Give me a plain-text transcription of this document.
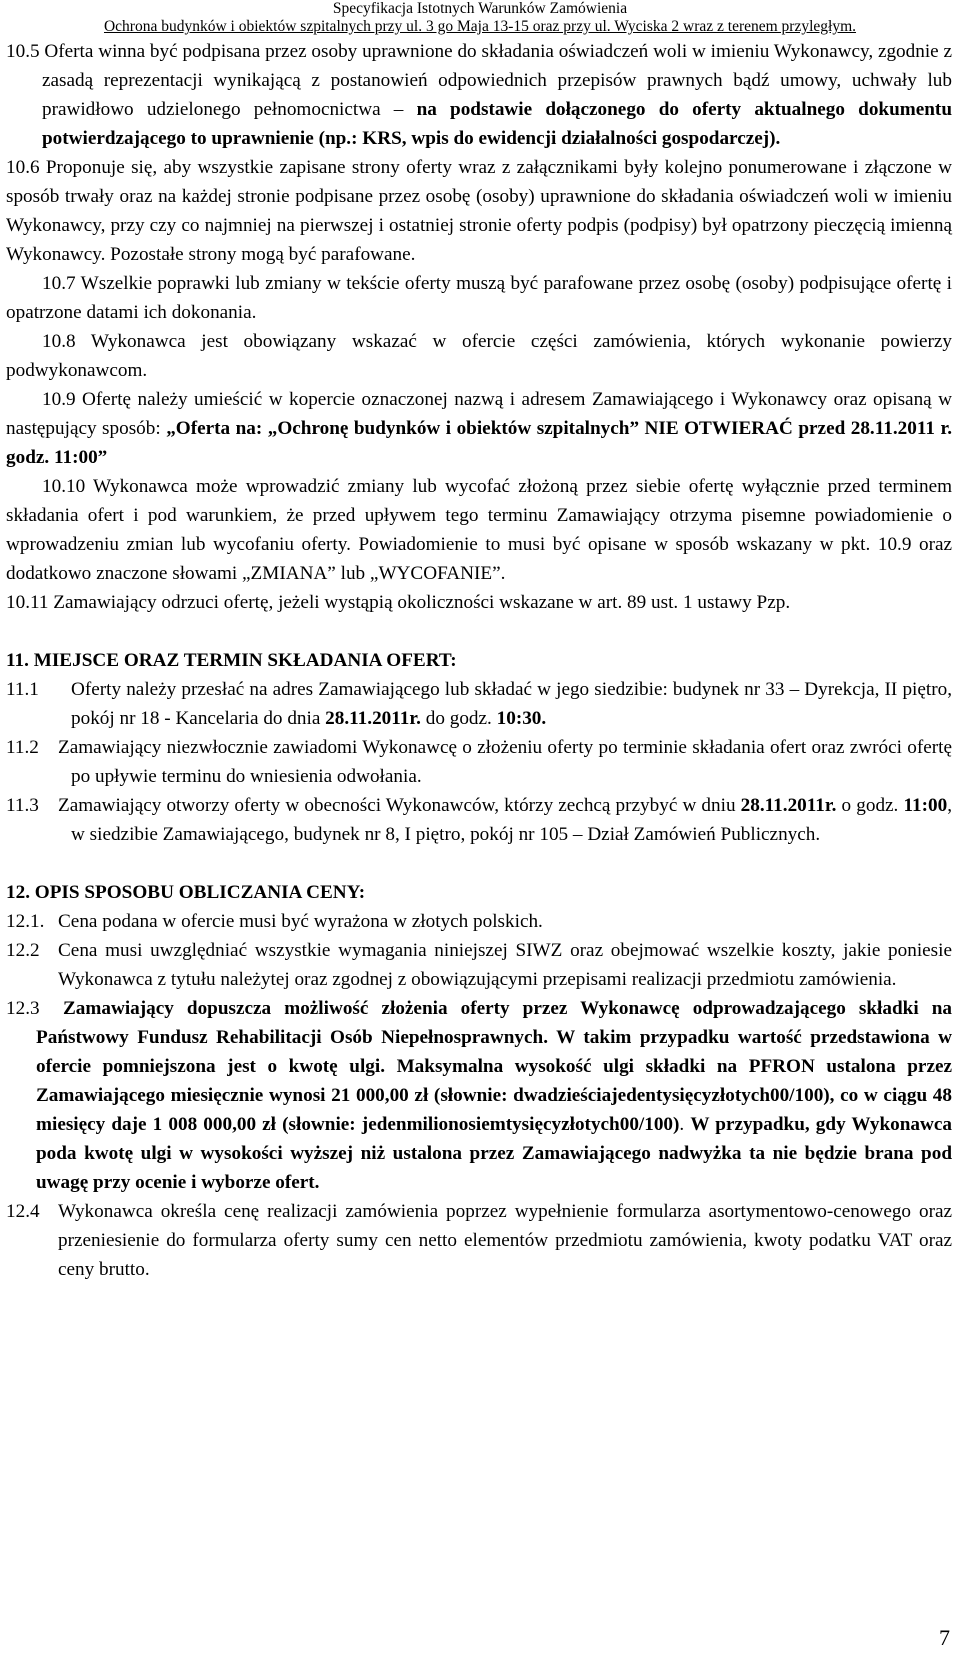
Specyfikacja Istotnych Warunków Zamówienia
Ochrona budynków i obiektów szpitalnych przy ul. 3 go Maja 13-15 oraz przy ul. Wyciska 2 wraz z terenem przyległym.

10.5 Oferta winna być podpisana przez osoby uprawnione do składania oświadczeń woli w imieniu Wykonawcy, zgodnie z zasadą reprezentacji wynikającą z postanowień odpowiednich przepisów prawnych bądź umowy, uchwały lub prawidłowo udzielonego pełnomocnictwa – na podstawie dołączonego do oferty aktualnego dokumentu potwierdzającego to uprawnienie (np.: KRS, wpis do ewidencji działalności gospodarczej).

10.6 Proponuje się, aby wszystkie zapisane strony oferty wraz z załącznikami były kolejno ponumerowane i złączone w sposób trwały oraz na każdej stronie podpisane przez osobę (osoby) uprawnione do składania oświadczeń woli w imieniu Wykonawcy, przy czy co najmniej na pierwszej i ostatniej stronie oferty podpis (podpisy) był opatrzony pieczęcią imienną Wykonawcy. Pozostałe strony mogą być parafowane.

10.7 Wszelkie poprawki lub zmiany w tekście oferty muszą być parafowane przez osobę (osoby) podpisujące ofertę i opatrzone datami ich dokonania.

10.8 Wykonawca jest obowiązany wskazać w ofercie części zamówienia, których wykonanie powierzy podwykonawcom.

10.9 Ofertę należy umieścić w kopercie oznaczonej nazwą i adresem Zamawiającego i Wykonawcy oraz opisaną w następujący sposób: „Oferta na: „Ochronę budynków i obiektów szpitalnych” NIE OTWIERAĆ przed 28.11.2011 r. godz. 11:00”

10.10 Wykonawca może wprowadzić zmiany lub wycofać złożoną przez siebie ofertę wyłącznie przed terminem składania ofert i pod warunkiem, że przed upływem tego terminu Zamawiający otrzyma pisemne powiadomienie o wprowadzeniu zmian lub wycofaniu oferty. Powiadomienie to musi być opisane w sposób wskazany w pkt. 10.9 oraz dodatkowo znaczone słowami „ZMIANA” lub „WYCOFANIE”.

10.11 Zamawiający odrzuci ofertę, jeżeli wystąpią okoliczności wskazane w art. 89 ust. 1 ustawy Pzp.

11. MIEJSCE ORAZ TERMIN SKŁADANIA OFERT:

11.1 Oferty należy przesłać na adres Zamawiającego lub składać w jego siedzibie: budynek nr 33 – Dyrekcja, II piętro, pokój nr 18 - Kancelaria do dnia 28.11.2011r. do godz. 10:30.

11.2 Zamawiający niezwłocznie zawiadomi Wykonawcę o złożeniu oferty po terminie składania ofert oraz zwróci ofertę po upływie terminu do wniesienia odwołania.

11.3 Zamawiający otworzy oferty w obecności Wykonawców, którzy zechcą przybyć w dniu 28.11.2011r. o godz. 11:00, w siedzibie Zamawiającego, budynek nr 8, I piętro, pokój nr 105 – Dział Zamówień Publicznych.

12. OPIS SPOSOBU OBLICZANIA CENY:

12.1. Cena podana w ofercie musi być wyrażona w złotych polskich.

12.2 Cena musi uwzględniać wszystkie wymagania niniejszej SIWZ oraz obejmować wszelkie koszty, jakie poniesie Wykonawca z tytułu należytej oraz zgodnej z obowiązującymi przepisami realizacji przedmiotu zamówienia.

12.3 Zamawiający dopuszcza możliwość złożenia oferty przez Wykonawcę odprowadzającego składki na Państwowy Fundusz Rehabilitacji Osób Niepełnosprawnych. W takim przypadku wartość przedstawiona w ofercie pomniejszona jest o kwotę ulgi. Maksymalna wysokość ulgi składki na PFRON ustalona przez Zamawiającego miesięcznie wynosi 21 000,00 zł (słownie: dwadzieściajedentysięcyzłotych00/100), co w ciągu 48 miesięcy daje 1 008 000,00 zł (słownie: jedenmilionosiemtysięcyzłotych00/100). W przypadku, gdy Wykonawca poda kwotę ulgi w wysokości wyższej niż ustalona przez Zamawiającego nadwyżka ta nie będzie brana pod uwagę przy ocenie i wyborze ofert.

12.4 Wykonawca określa cenę realizacji zamówienia poprzez wypełnienie formularza asortymentowo-cenowego oraz przeniesienie do formularza oferty sumy cen netto elementów przedmiotu zamówienia, kwoty podatku VAT oraz ceny brutto.

7
